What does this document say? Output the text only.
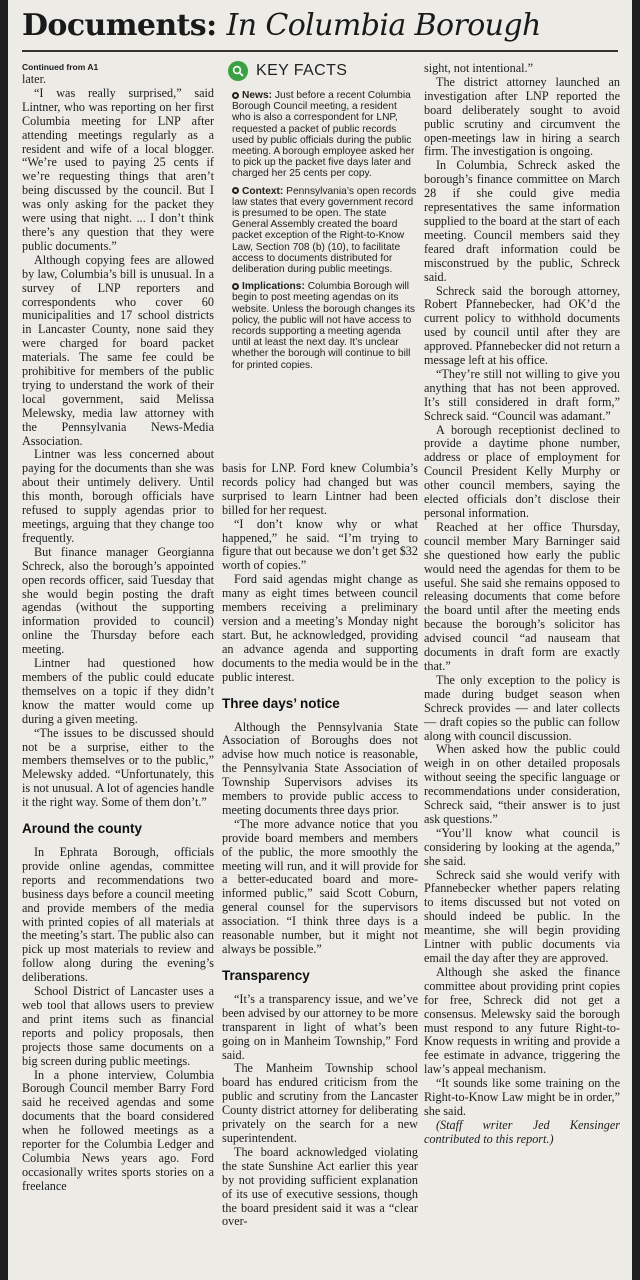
Documents: In Columbia Borough
Continued from A1

later.

“I was really surprised,” said Lintner, who was reporting on her first Columbia meeting for LNP after attending meetings regularly as a resident and wife of a local blogger. “We’re used to paying 25 cents if we’re requesting things that aren’t being discussed by the council. But I was only asking for the packet they were using that night. ... I don’t think there’s any question that they were public documents.”

Although copying fees are allowed by law, Columbia’s bill is unusual. In a survey of LNP reporters and correspondents who cover 60 municipalities and 17 school districts in Lancaster County, none said they were charged for board packet materials. The same fee could be prohibitive for members of the public trying to understand the work of their local government, said Melissa Melewsky, media law attorney with the Pennsylvania News-Media Association.

Lintner was less concerned about paying for the documents than she was about their untimely delivery. Until this month, borough officials have refused to supply agendas prior to meetings, arguing that they change too frequently.

But finance manager Georgianna Schreck, also the borough’s appointed open records officer, said Tuesday that she would begin posting the draft agendas (without the supporting information provided to council) online the Thursday before each meeting.

Lintner had questioned how members of the public could educate themselves on a topic if they didn’t know the matter would come up during a given meeting.

“The issues to be discussed should not be a surprise, either to the members themselves or to the public,” Melewsky added. “Unfortunately, this is not unusual. A lot of agencies handle it the right way. Some of them don’t.”

Around the county

In Ephrata Borough, officials provide online agendas, committee reports and recommendations two business days before a council meeting and provide members of the media with printed copies of all materials at the meeting’s start. The public also can pick up most materials to review and follow along during the evening’s deliberations.

School District of Lancaster uses a web tool that allows users to preview and print items such as financial reports and policy proposals, then projects those same documents on a big screen during public meetings.

In a phone interview, Columbia Borough Council member Barry Ford said he received agendas and some documents that the board considered when he followed meetings as a reporter for the Columbia Ledger and Columbia News years ago. Ford occasionally writes sports stories on a freelance

KEY FACTS
News: Just before a recent Columbia Borough Council meeting, a resident who is also a correspondent for LNP, requested a packet of public records used by public officials during the public meeting. A borough employee asked her to pick up the packet five days later and charged her 25 cents per copy.
Context: Pennsylvania’s open records law states that every government record is presumed to be open. The state General Assembly created the board packet exception of the Right-to-Know Law, Section 708 (b) (10), to facilitate access to documents distributed for deliberation during public meetings.
Implications: Columbia Borough will begin to post meeting agendas on its website. Unless the borough changes its policy, the public will not have access to records supporting a meeting agenda until at least the next day. It’s unclear whether the borough will continue to bill for printed copies.

basis for LNP. Ford knew Columbia’s records policy had changed but was surprised to learn Lintner had been billed for her request.

“I don’t know why or what happened,” he said. “I’m trying to figure that out because we don’t get $32 worth of copies.”

Ford said agendas might change as many as eight times between council members receiving a preliminary version and a meeting’s Monday night start. But, he acknowledged, providing an advance agenda and supporting documents to the media would be in the public interest.

Three days’ notice

Although the Pennsylvania State Association of Boroughs does not advise how much notice is reasonable, the Pennsylvania State Association of Township Supervisors advises its members to provide public access to meeting documents three days prior.

“The more advance notice that you provide board members and members of the public, the more smoothly the meeting will run, and it will provide for a better-educated board and more-informed public,” said Scott Coburn, general counsel for the supervisors association. “I think three days is a reasonable number, but it might not always be possible.”

Transparency

“It’s a transparency issue, and we’ve been advised by our attorney to be more transparent in light of what’s been going on in Manheim Township,” Ford said.

The Manheim Township school board has endured criticism from the public and scrutiny from the Lancaster County district attorney for deliberating privately on the search for a new superintendent.

The board acknowledged violating the state Sunshine Act earlier this year by not providing sufficient explanation of its use of executive sessions, though the board president said it was a “clear over-

sight, not intentional.”

The district attorney launched an investigation after LNP reported the board deliberately sought to avoid public scrutiny and circumvent the open-meetings law in hiring a search firm. The investigation is ongoing.

In Columbia, Schreck asked the borough’s finance committee on March 28 if she could give media representatives the same information supplied to the board at the start of each meeting. Council members said they feared draft information could be misconstrued by the public, Schreck said.

Schreck said the borough attorney, Robert Pfannebecker, had OK’d the current policy to withhold documents used by council until after they are approved. Pfannebecker did not return a message left at his office.

“They’re still not willing to give you anything that has not been approved. It’s still considered in draft form,” Schreck said. “Council was adamant.”

A borough receptionist declined to provide a daytime phone number, address or place of employment for Council President Kelly Murphy or other council members, saying the elected officials don’t disclose their personal information.

Reached at her office Thursday, council member Mary Barninger said she questioned how early the public would need the agendas for them to be useful. She said she remains opposed to releasing documents that come before the board until after the meeting ends because the borough’s solicitor has advised council “ad nauseam that documents in draft form are exactly that.”

The only exception to the policy is made during budget season when Schreck provides — and later collects — draft copies so the public can follow along with council discussion.

When asked how the public could weigh in on other detailed proposals without seeing the specific language or recommendations under consideration, Schreck said, “their answer is to just ask questions.”

“You’ll know what council is considering by looking at the agenda,” she said.

Schreck said she would verify with Pfannebecker whether papers relating to items discussed but not voted on should indeed be public. In the meantime, she will begin providing Lintner with public documents via email the day after they are approved.

Although she asked the finance committee about providing print copies for free, Schreck did not get a consensus. Melewsky said the borough must respond to any future Right-to-Know requests in writing and provide a fee estimate in advance, triggering the law’s appeal mechanism.

“It sounds like some training on the Right-to-Know Law might be in order,” she said.

(Staff writer Jed Kensinger contributed to this report.)
